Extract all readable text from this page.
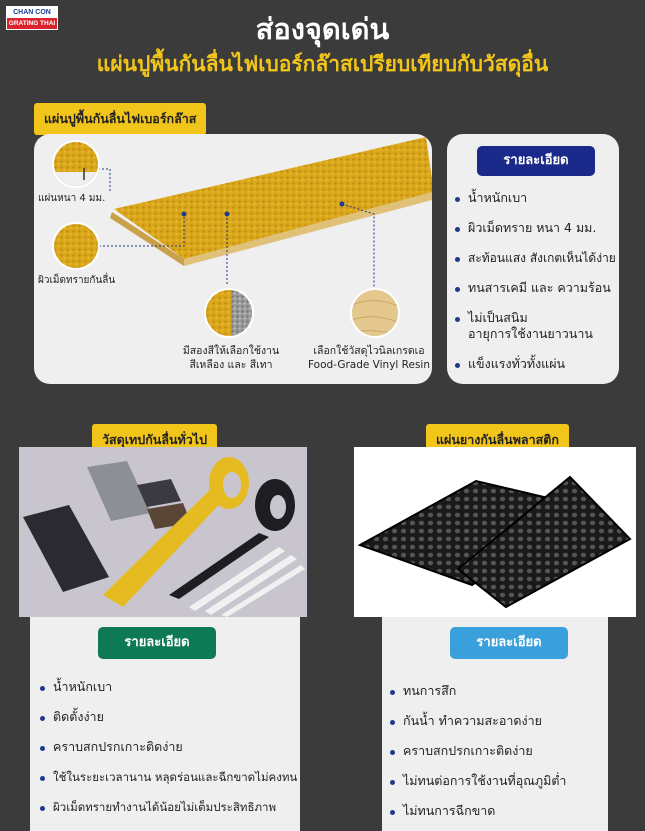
CHAN CON
GRATING THAI	ส่องจุดเด่น
แผ่นปูพื้นกันลื่นไฟเบอร์กล๊าสเปรียบเทียบกับวัสดุอื่น
แผ่นปูพื้นกันลื่นไฟเบอร์กล๊าส
แผ่นหนา 4 มม.
ผิวเม็ดทรายกันลื่น
มีสองสีให้เลือกใช้งาน
สีเหลือง และ สีเทา
เลือกใช้วัสดุไวนิลเกรดเอ
Food-Grade Vinyl Resin
รายละเอียด
น้ำหนักเบา
ผิวเม็ดทราย หนา 4 มม.
สะท้อนแสง สังเกตเห็นได้ง่าย
ทนสารเคมี และ ความร้อน
ไม่เป็นสนิม
อายุการใช้งานยาวนาน
แข็งแรงทั่วทั้งแผ่น
วัสดุเทปกันลื่นทั่วไป
รายละเอียด
น้ำหนักเบา
ติดตั้งง่าย
คราบสกปรกเกาะติดง่าย
ใช้ในระยะเวลานาน หลุดร่อนและฉีกขาดไม่คงทน
ผิวเม็ดทรายทำงานได้น้อยไม่เต็มประสิทธิภาพ
แผ่นยางกันลื่นพลาสติก
รายละเอียด
ทนการสึก
กันน้ำ ทำความสะอาดง่าย
คราบสกปรกเกาะติดง่าย
ไม่ทนต่อการใช้งานที่อุณภูมิต่ำ
ไม่ทนการฉีกขาด
